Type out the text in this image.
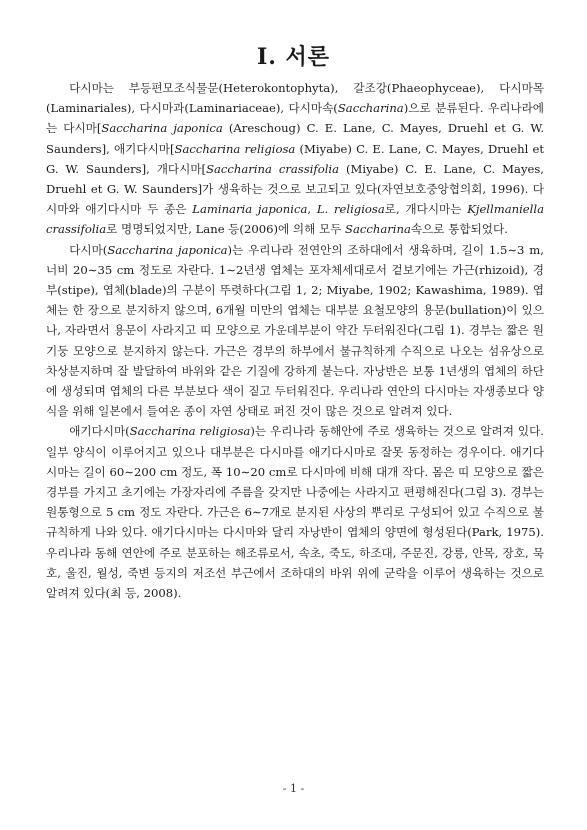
I. 서론

다시마는 부등편모조식물문(Heterokontophyta), 갈조강(Phaeophyceae), 다시마목(Laminariales), 다시마과(Laminariaceae), 다시마속(Saccharina)으로 분류된다. 우리나라에는 다시마[Saccharina japonica (Areschoug) C. E. Lane, C. Mayes, Druehl et G. W. Saunders], 애기다시마[Saccharina religiosa (Miyabe) C. E. Lane, C. Mayes, Druehl et G. W. Saunders], 개다시마[Saccharina crassifolia (Miyabe) C. E. Lane, C. Mayes, Druehl et G. W. Saunders]가 생육하는 것으로 보고되고 있다(자연보호중앙협의회, 1996). 다시마와 애기다시마 두 종은 Laminaria japonica, L. religiosa로, 개다시마는 Kjellmaniella crassifolia로 명명되었지만, Lane 등(2006)에 의해 모두 Saccharina속으로 통합되었다.

다시마(Saccharina japonica)는 우리나라 전연안의 조하대에서 생육하며, 길이 1.5∼3 m, 너비 20∼35 cm 정도로 자란다. 1∼2년생 엽체는 포자체세대로서 겉보기에는 가근(rhizoid), 경부(stipe), 엽체(blade)의 구분이 뚜렷하다(그림 1, 2; Miyabe, 1902; Kawashima, 1989). 엽체는 한 장으로 분지하지 않으며, 6개월 미만의 엽체는 대부분 요철모양의 용문(bullation)이 있으나, 자라면서 용문이 사라지고 띠 모양으로 가운데부분이 약간 두터워진다(그림 1). 경부는 짧은 원기둥 모양으로 분지하지 않는다. 가근은 경부의 하부에서 불규칙하게 수직으로 나오는 섬유상으로 차상분지하며 잘 발달하여 바위와 같은 기질에 강하게 붙는다. 자낭반은 보통 1년생의 엽체의 하단에 생성되며 엽체의 다른 부분보다 색이 짙고 두터워진다. 우리나라 연안의 다시마는 자생종보다 양식을 위해 일본에서 들여온 종이 자연 상태로 퍼진 것이 많은 것으로 알려져 있다.

애기다시마(Saccharina religiosa)는 우리나라 동해안에 주로 생육하는 것으로 알려져 있다. 일부 양식이 이루어지고 있으나 대부분은 다시마를 애기다시마로 잘못 동정하는 경우이다. 애기다시마는 길이 60∼200 cm 정도, 폭 10∼20 cm로 다시마에 비해 대개 작다. 몸은 띠 모양으로 짧은 경부를 가지고 초기에는 가장자리에 주름을 갖지만 나중에는 사라지고 편평해진다(그림 3). 경부는 원통형으로 5 cm 정도 자란다. 가근은 6∼7개로 분지된 사상의 뿌리로 구성되어 있고 수직으로 불규칙하게 나와 있다. 애기다시마는 다시마와 달리 자낭반이 엽체의 양면에 형성된다(Park, 1975). 우리나라 동해 연안에 주로 분포하는 해조류로서, 속초, 죽도, 하조대, 주문진, 강릉, 안목, 장호, 묵호, 울진, 월성, 죽변 등지의 저조선 부근에서 조하대의 바위 위에 군락을 이루어 생육하는 것으로 알려져 있다(최 등, 2008).

- 1 -
